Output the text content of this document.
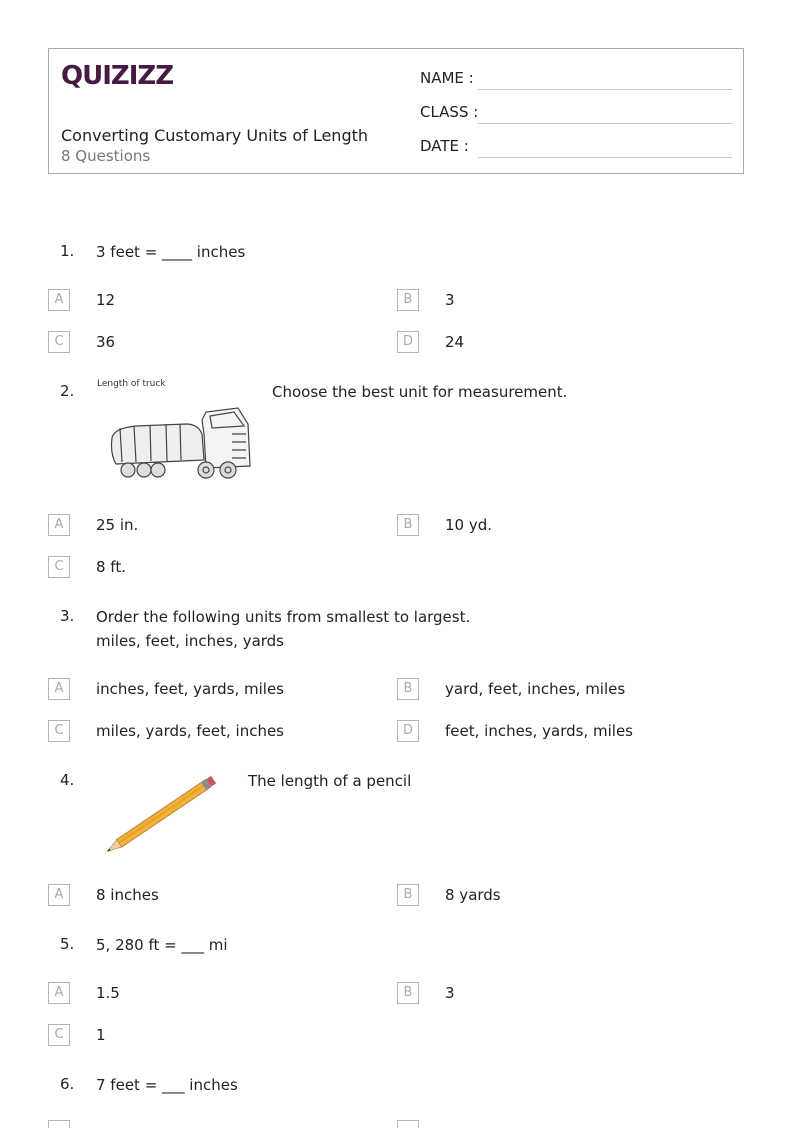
QUIZIZZ
Converting Customary Units of Length
8 Questions
NAME :
CLASS :
DATE :
1. 3 feet = ____ inches
A	12	B	3
C	36	D	24
2.	Length of truck	Choose the best unit for measurement.
A	25 in.	B	10 yd.
C	8 ft.
3. Order the following units from smallest to largest.
miles, feet, inches, yards
A	inches, feet, yards, miles	B	yard, feet, inches, miles
C	miles, yards, feet, inches	D	feet, inches, yards, miles
4.	The length of a pencil
A	8 inches	B	8 yards
5. 5, 280 ft = ___ mi
A	1.5	B	3
C	1
6. 7 feet = ___ inches
